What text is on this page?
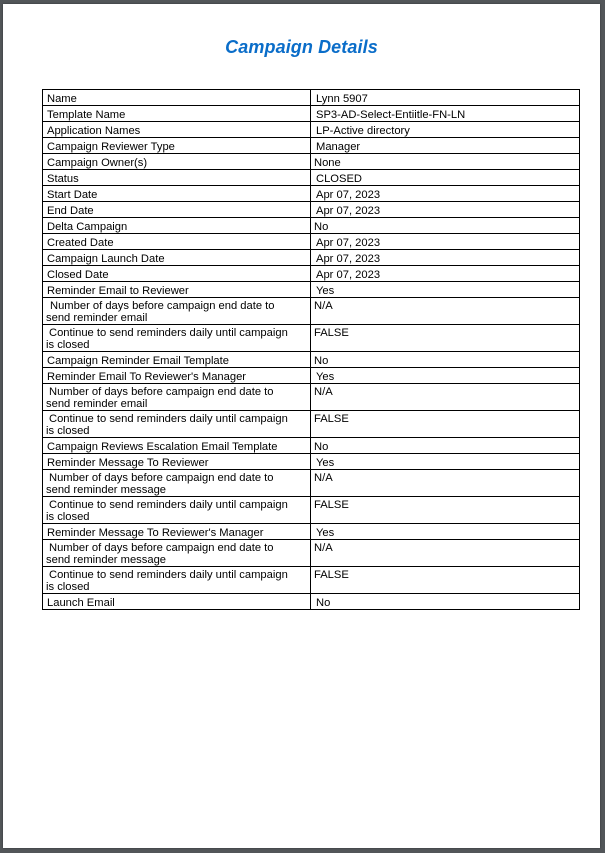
Campaign Details
Name	Lynn 5907

Template Name	SP3-AD-Select-Entiitle-FN-LN

Application Names	LP-Active directory

Campaign Reviewer Type	Manager

Campaign Owner(s)	None

Status	CLOSED

Start Date	Apr 07, 2023

End Date	Apr 07, 2023

Delta Campaign	No

Created Date	Apr 07, 2023

Campaign Launch Date	Apr 07, 2023

Closed Date	Apr 07, 2023

Reminder Email to Reviewer	Yes

Number of days before campaign end date to
send reminder email	N/A

Continue to send reminders daily until campaign
is closed	FALSE

Campaign Reminder Email Template	No

Reminder Email To Reviewer's Manager	Yes

Number of days before campaign end date to
send reminder email	N/A

Continue to send reminders daily until campaign
is closed	FALSE

Campaign Reviews Escalation Email Template	No

Reminder Message To Reviewer	Yes

Number of days before campaign end date to
send reminder message	N/A

Continue to send reminders daily until campaign
is closed	FALSE

Reminder Message To Reviewer's Manager	Yes

Number of days before campaign end date to
send reminder message	N/A

Continue to send reminders daily until campaign
is closed	FALSE

Launch Email	No
